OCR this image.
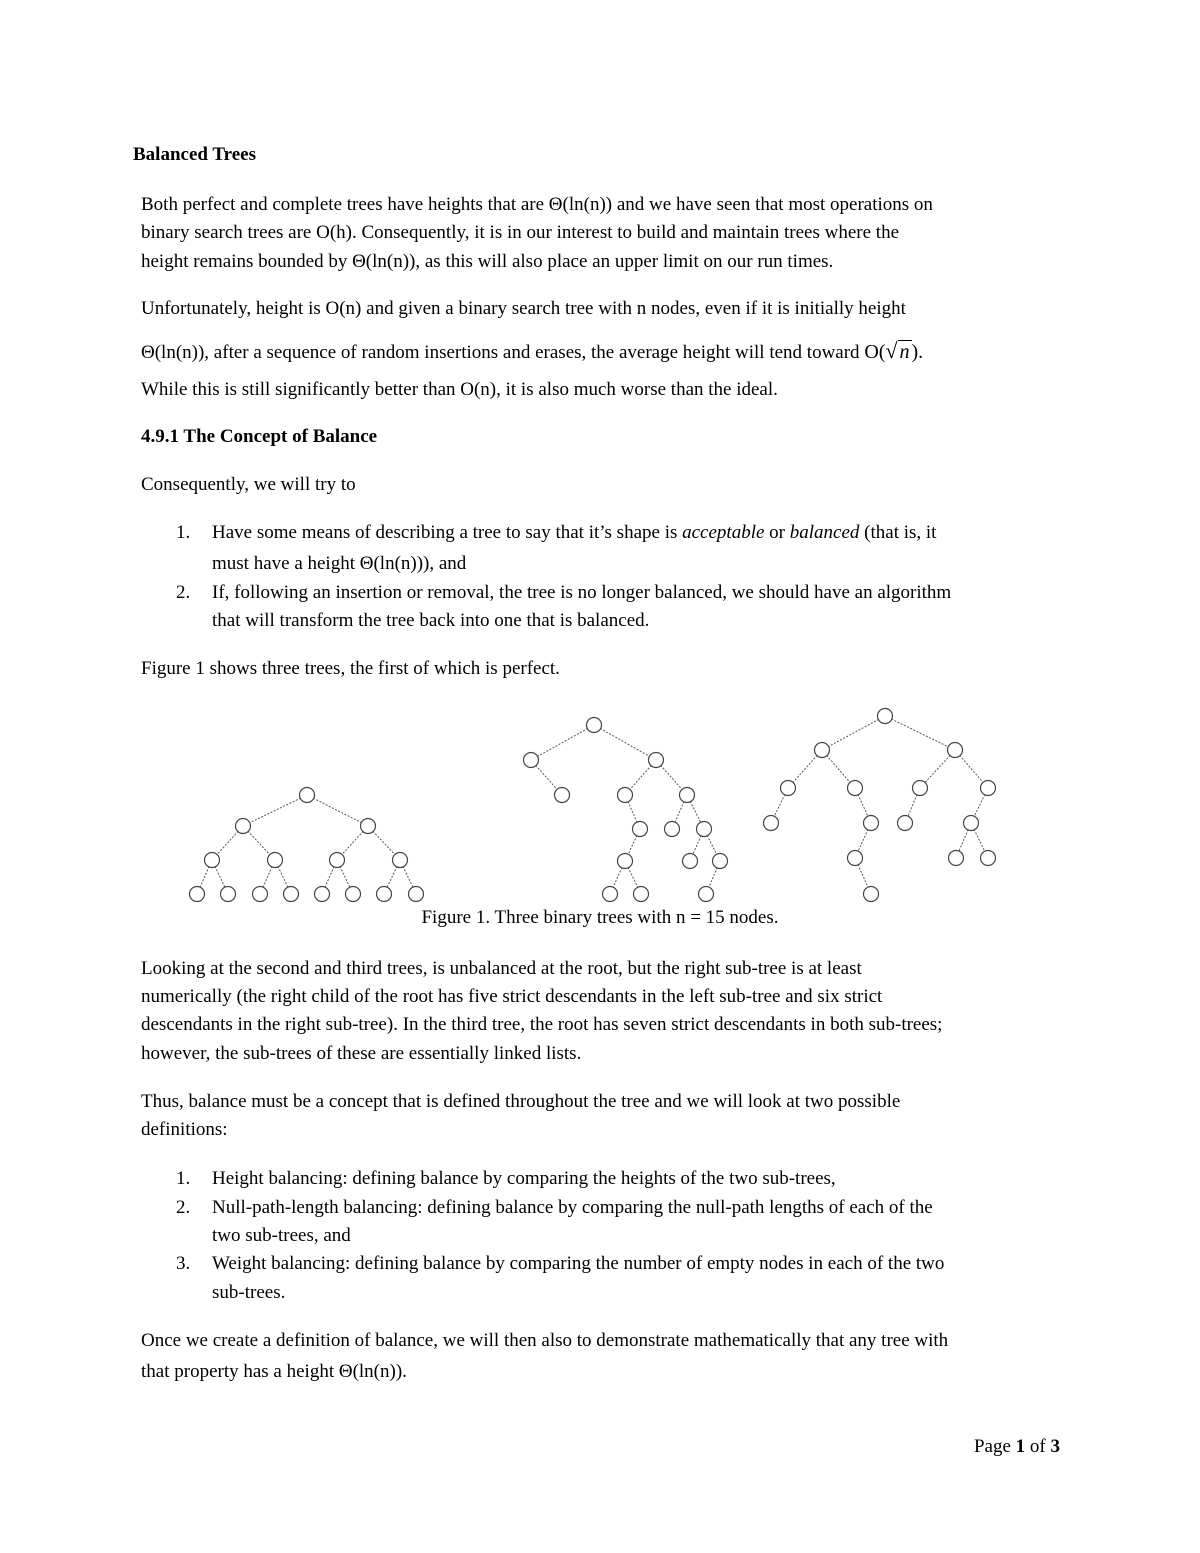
Balanced Trees
Both perfect and complete trees have heights that are Θ(ln(n)) and we have seen that most operations on
binary search trees are O(h). Consequently, it is in our interest to build and maintain trees where the
height remains bounded by Θ(ln(n)), as this will also place an upper limit on our run times.
Unfortunately, height is O(n) and given a binary search tree with n nodes, even if it is initially height
Θ(ln(n)), after a sequence of random insertions and erases, the average height will tend toward O(√ n ).
While this is still significantly better than O(n), it is also much worse than the ideal.
4.9.1 The Concept of Balance
Consequently, we will try to
1. Have some means of describing a tree to say that it’s shape is acceptable or balanced (that is, it
must have a height Θ(ln(n))), and
2. If, following an insertion or removal, the tree is no longer balanced, we should have an algorithm
that will transform the tree back into one that is balanced.
Figure 1 shows three trees, the first of which is perfect.
Figure 1. Three binary trees with n = 15 nodes.
Looking at the second and third trees, is unbalanced at the root, but the right sub-tree is at least
numerically (the right child of the root has five strict descendants in the left sub-tree and six strict
descendants in the right sub-tree). In the third tree, the root has seven strict descendants in both sub-trees;
however, the sub-trees of these are essentially linked lists.
Thus, balance must be a concept that is defined throughout the tree and we will look at two possible
definitions:
1. Height balancing: defining balance by comparing the heights of the two sub-trees,
2. Null-path-length balancing: defining balance by comparing the null-path lengths of each of the
two sub-trees, and
3. Weight balancing: defining balance by comparing the number of empty nodes in each of the two
sub-trees.
Once we create a definition of balance, we will then also to demonstrate mathematically that any tree with
that property has a height Θ(ln(n)).
Page 1 of 3
